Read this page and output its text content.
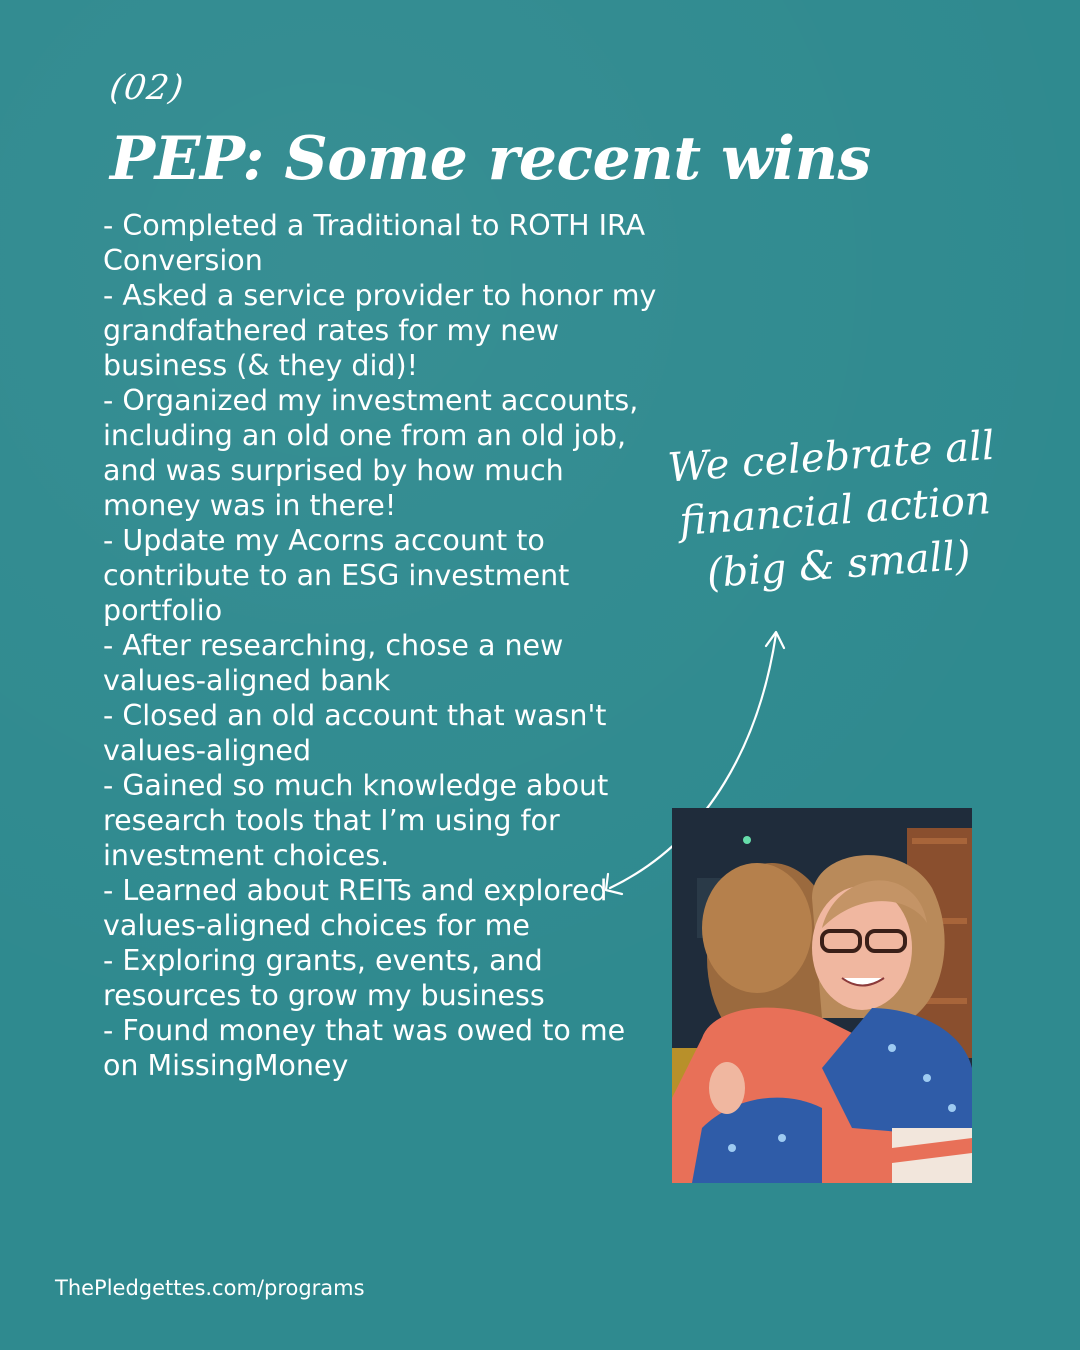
(02)
PEP: Some recent wins
- Completed a Traditional to ROTH IRA Conversion
- Asked a service provider to honor my grandfathered rates for my new business (& they did)!
- Organized my investment accounts, including an old one from an old job, and was surprised by how much money was in there!
- Update my Acorns account to contribute to an ESG investment portfolio
- After researching, chose a new values-aligned bank
- Closed an old account that wasn't values-aligned
- Gained so much knowledge about research tools that I’m using for investment choices.
- Learned about REITs and explored values-aligned choices for me
- Exploring grants, events, and resources to grow my business
- Found money that was owed to me on MissingMoney
We celebrate all financial action (big & small)
ThePledgettes.com/programs
